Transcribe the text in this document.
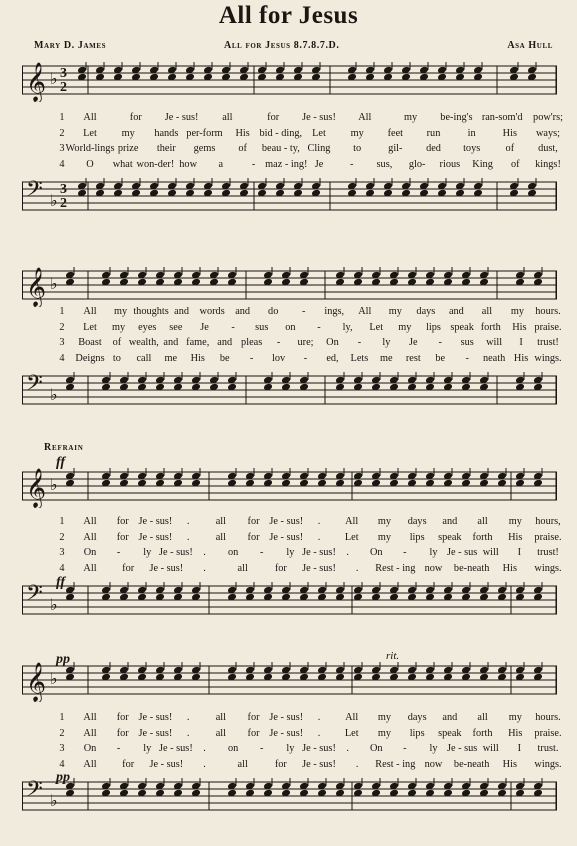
All for Jesus
Mary D. James	All for Jesus 8.7.8.7.D.	Asa Hull
𝄞 ♭ 3
2
𝄢 ♭
3
2
1	All	for Je - sus! all	for Je - sus! All	my be-ing's ran-som'd pow'rs;
2	Let my hands per-form His bid - ding, Let my feet run	in	His ways;
3 World-lings prize their gems of beau - ty, Cling to	gil- ded toys of dust,
4	O what won-der! how a	- maz - ing! Je	- sus, glo- rious King of kings!
𝄞 ♭
𝄢 ♭
1	All my thoughts and words and do - ings, All my days and all my hours.
2	Let my eyes see Je - sus on - ly, Let my lips speak forth His praise.
3	Boast of wealth, and fame, and pleas - ure; On - ly Je - sus will I trust!
4	Deigns to call me His be - lov - ed, Lets me rest be - neath His wings.
𝄞 ♭
𝄢 ♭
1	All for Je - sus! .	all for Je - sus! . All my days and all my hours,
2	All for Je - sus! .	all for Je - sus! . Let my lips speak forth His praise.
3	On - ly Je - sus! . on - ly Je - sus! . On - ly Je - sus will I trust!
4	All for Je - sus! .	all	for Je - sus! . Rest - ing now be-neath His wings.
𝄞 ♭
𝄢 ♭
1	All for Je - sus! .	all for Je - sus! . All my days and all my hours.
2	All for Je - sus! .	all for Je - sus! . Let my lips speak forth His praise.
3	On - ly Je - sus! . on - ly Je - sus! . On - ly Je - sus will I trust.
4	All for Je - sus! .	all	for Je - sus! . Rest - ing now be-neath His wings.
Refrain
ff
ff
pp
pp
rit.
